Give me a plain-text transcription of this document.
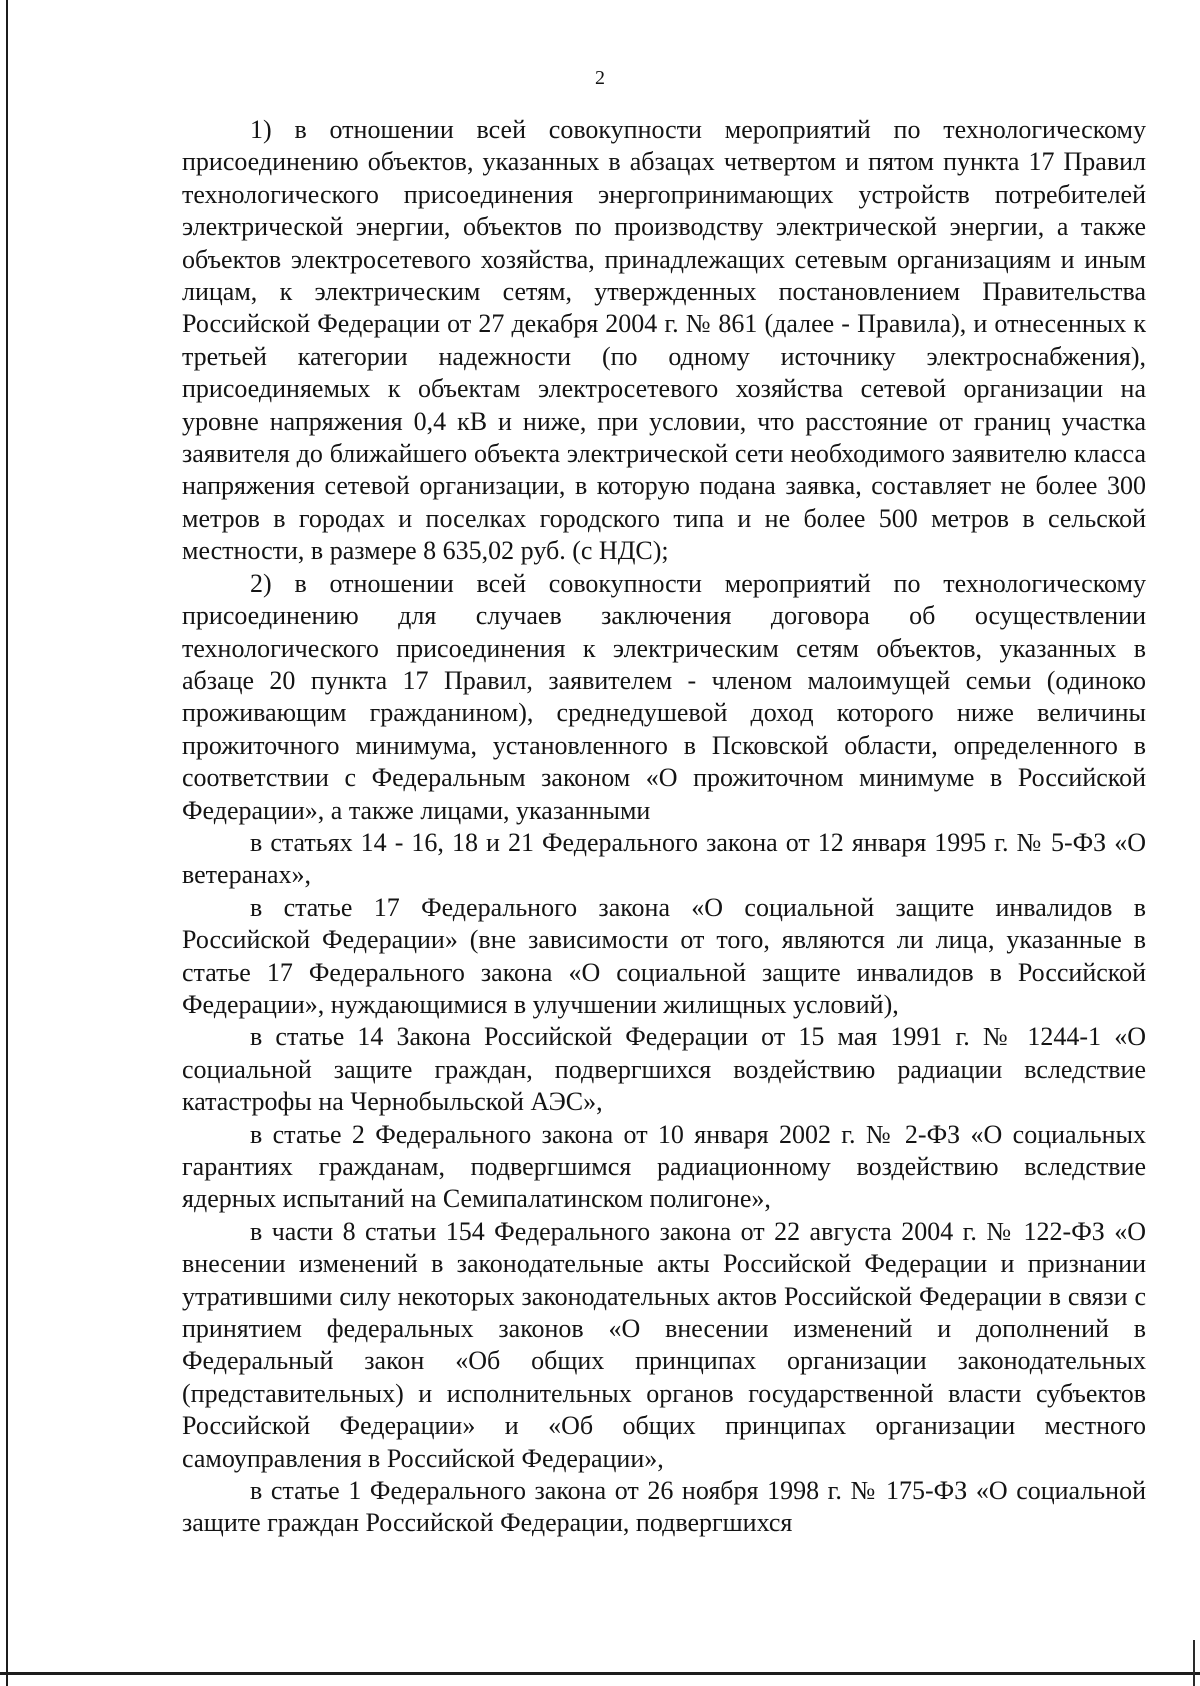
2

1) в отношении всей совокупности мероприятий по технологическому присоединению объектов, указанных в абзацах четвертом и пятом пункта 17 Правил технологического присоединения энергопринимающих устройств потребителей электрической энергии, объектов по производству электрической энергии, а также объектов электросетевого хозяйства, принадлежащих сетевым организациям и иным лицам, к электрическим сетям, утвержденных постановлением Правительства Российской Федерации от 27 декабря 2004 г. № 861 (далее - Правила), и отнесенных к третьей категории надежности (по одному источнику электроснабжения), присоединяемых к объектам электросетевого хозяйства сетевой организации на уровне напряжения 0,4 кВ и ниже, при условии, что расстояние от границ участка заявителя до ближайшего объекта электрической сети необходимого заявителю класса напряжения сетевой организации, в которую подана заявка, составляет не более 300 метров в городах и поселках городского типа и не более 500 метров в сельской местности, в размере 8 635,02 руб. (с НДС);

2) в отношении всей совокупности мероприятий по технологическому присоединению для случаев заключения договора об осуществлении технологического присоединения к электрическим сетям объектов, указанных в абзаце 20 пункта 17 Правил, заявителем - членом малоимущей семьи (одиноко проживающим гражданином), среднедушевой доход которого ниже величины прожиточного минимума, установленного в Псковской области, определенного в соответствии с Федеральным законом «О прожиточном минимуме в Российской Федерации», а также лицами, указанными

в статьях 14 - 16, 18 и 21 Федерального закона от 12 января 1995 г. № 5-ФЗ «О ветеранах»,

в статье 17 Федерального закона «О социальной защите инвалидов в Российской Федерации» (вне зависимости от того, являются ли лица, указанные в статье 17 Федерального закона «О социальной защите инвалидов в Российской Федерации», нуждающимися в улучшении жилищных условий),

в статье 14 Закона Российской Федерации от 15 мая 1991 г. № 1244-1 «О социальной защите граждан, подвергшихся воздействию радиации вследствие катастрофы на Чернобыльской АЭС»,

в статье 2 Федерального закона от 10 января 2002 г. № 2-ФЗ «О социальных гарантиях гражданам, подвергшимся радиационному воздействию вследствие ядерных испытаний на Семипалатинском полигоне»,

в части 8 статьи 154 Федерального закона от 22 августа 2004 г. № 122-ФЗ «О внесении изменений в законодательные акты Российской Федерации и признании утратившими силу некоторых законодательных актов Российской Федерации в связи с принятием федеральных законов «О внесении изменений и дополнений в Федеральный закон «Об общих принципах организации законодательных (представительных) и исполнительных органов государственной власти субъектов Российской Федерации» и «Об общих принципах организации местного самоуправления в Российской Федерации»,

в статье 1 Федерального закона от 26 ноября 1998 г. № 175-ФЗ «О социальной защите граждан Российской Федерации, подвергшихся
